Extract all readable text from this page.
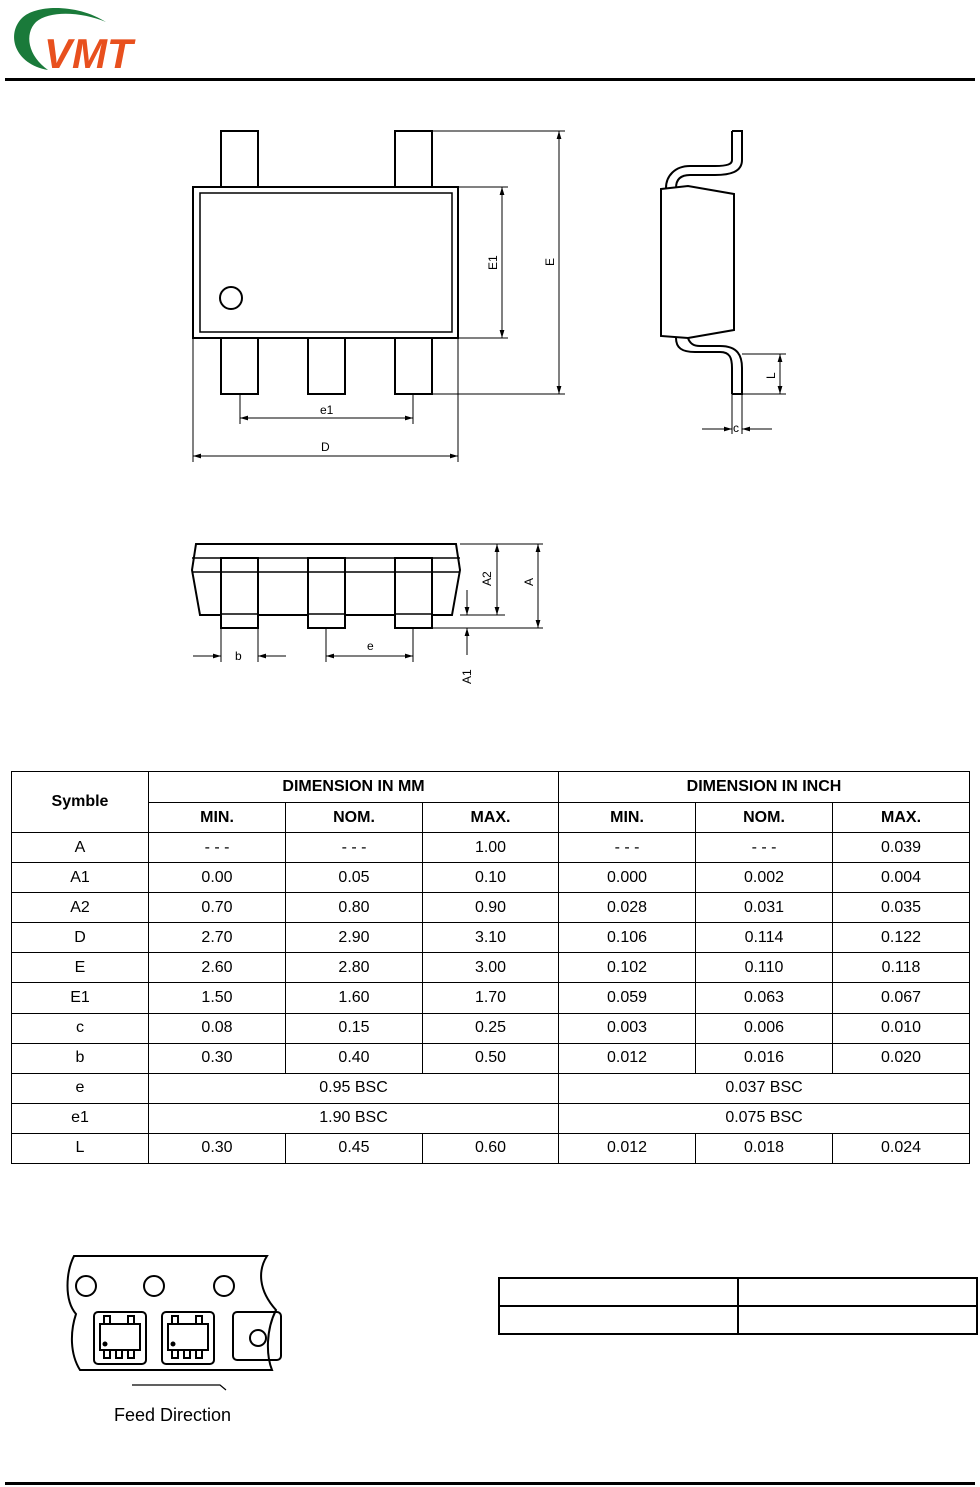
VMT
e1
D
E1	E
L
c
b
e
A2 A
A1
Symble	DIMENSION IN MM			DIMENSION IN INCH		
	MIN.	NOM.	MAX.	MIN.	NOM.	MAX.
A	- - -	- - -	1.00	- - -	- - -	0.039
A1	0.00	0.05	0.10	0.000	0.002	0.004
A2	0.70	0.80	0.90	0.028	0.031	0.035
D	2.70	2.90	3.10	0.106	0.114	0.122
E	2.60	2.80	3.00	0.102	0.110	0.118
E1	1.50	1.60	1.70	0.059	0.063	0.067
c	0.08	0.15	0.25	0.003	0.006	0.010
b	0.30	0.40	0.50	0.012	0.016	0.020
e	0.95 BSC			0.037 BSC		
e1	1.90 BSC			0.075 BSC		
L	0.30	0.45	0.60	0.012	0.018	0.024
Feed Direction
